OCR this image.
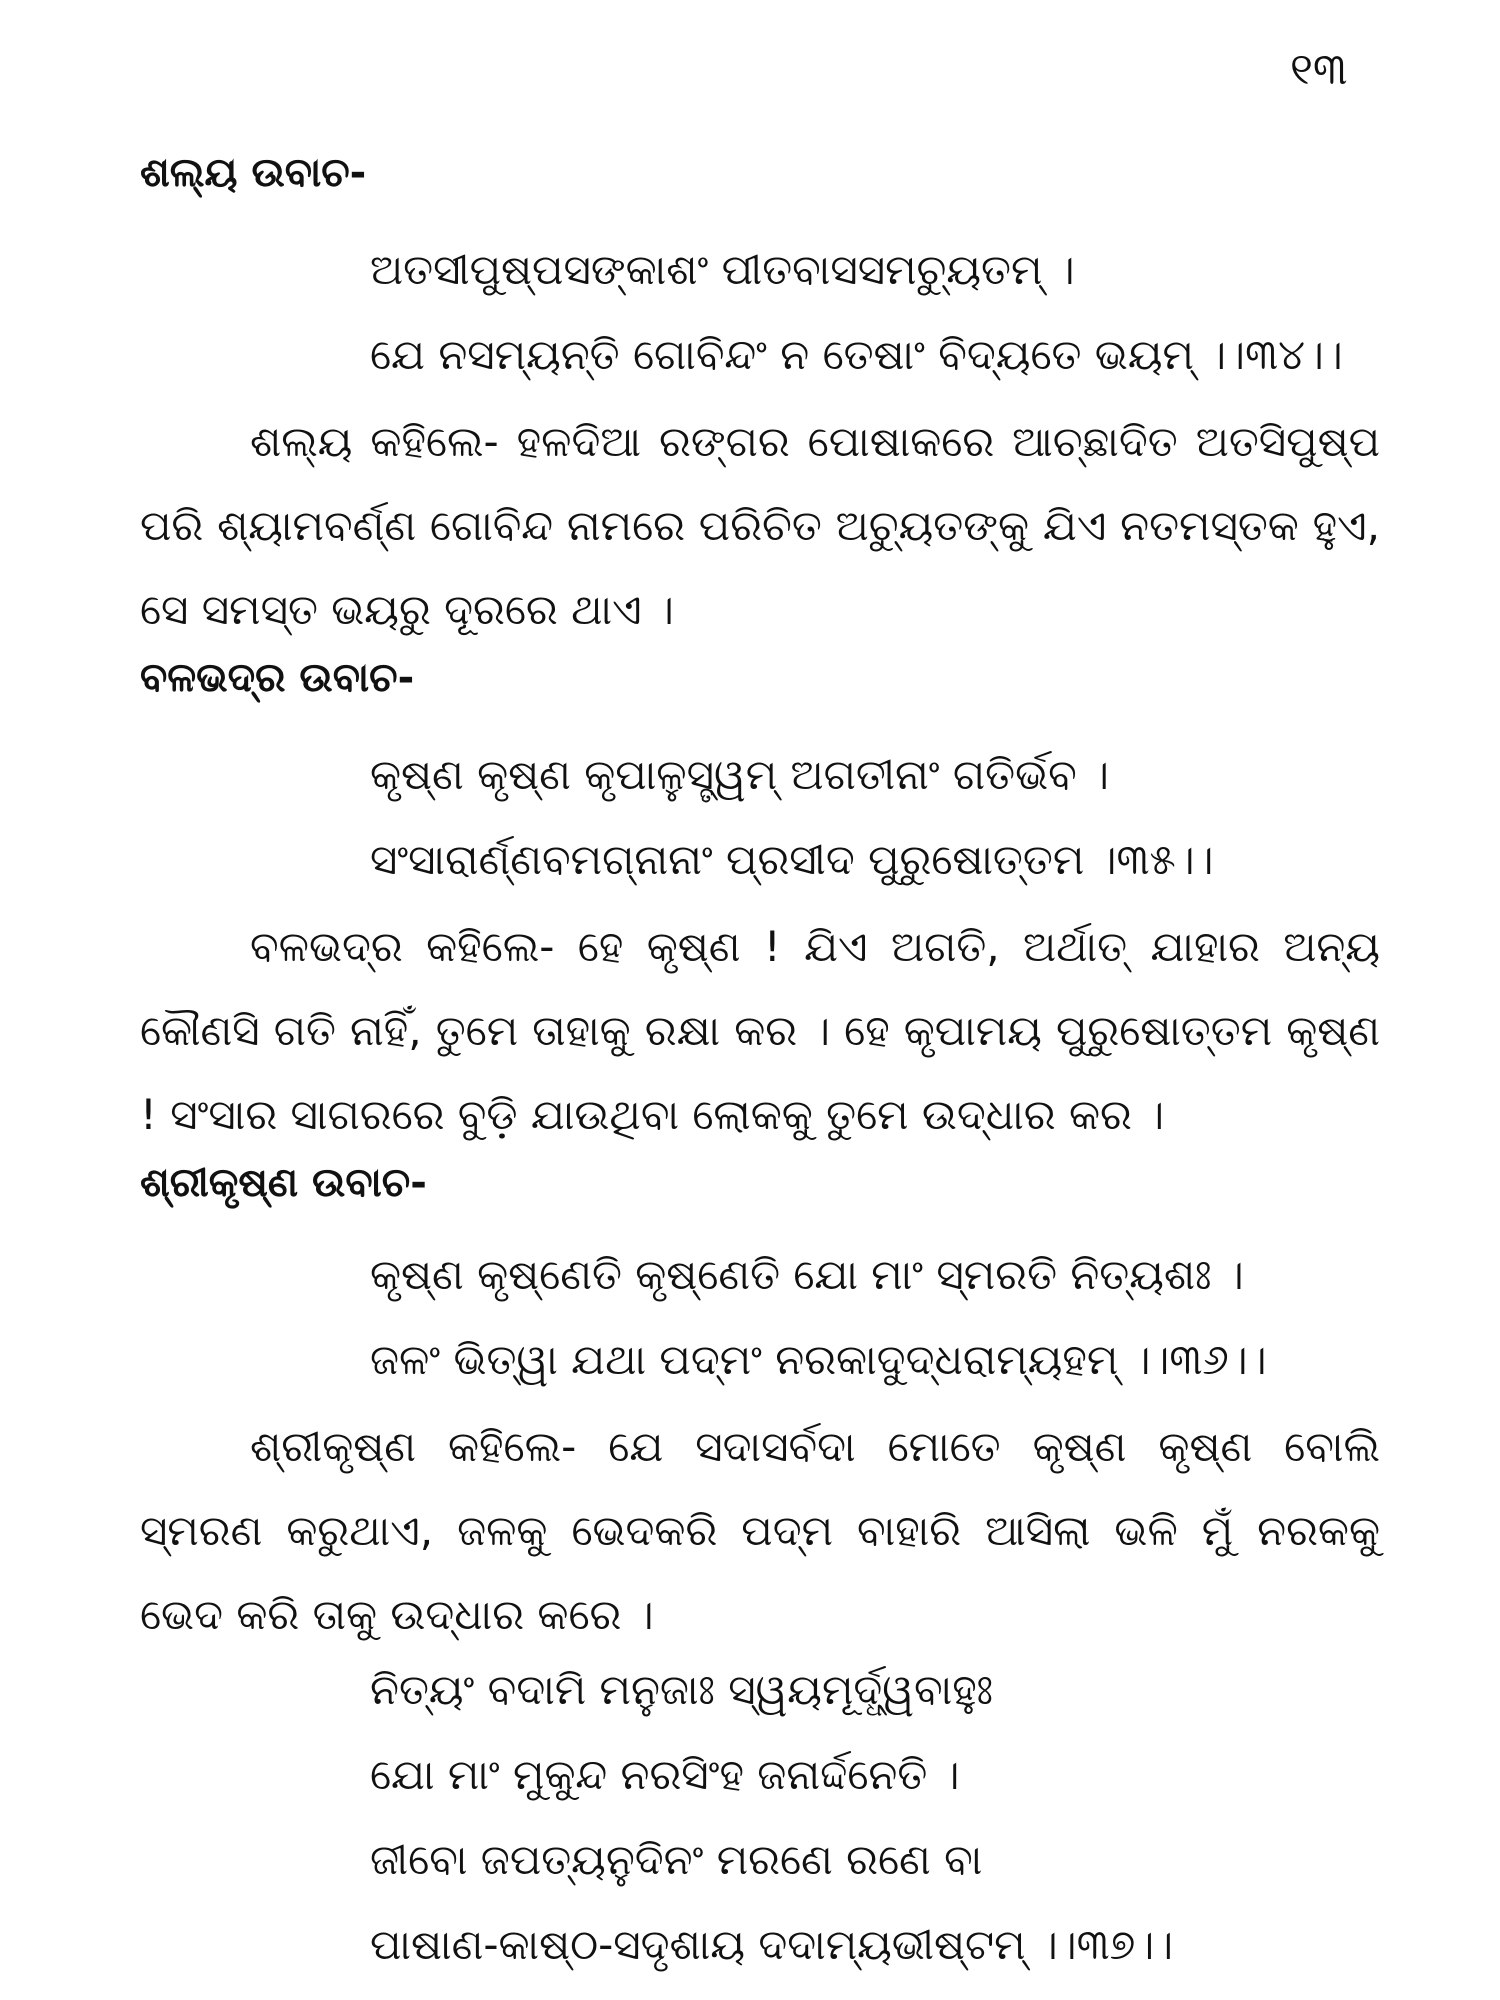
୧୩
ଶଲ୍ୟ ଉବାଚ-
ଅତସୀପୁଷ୍ପସଙ୍କାଶଂ ପୀତବାସସମଚ୍ୟୁତମ୍ ।
ଯେ ନସମ୍ୟନ୍ତି ଗୋବିନ୍ଦଂ ନ ତେଷାଂ ବିଦ୍ୟତେ ଭୟମ୍ ।।୩୪।।
ଶଲ୍ୟ କହିଲେ- ହଳଦିଆ ରଙ୍ଗର ପୋଷାକରେ ଆଚ୍ଛାଦିତ ଅତସିପୁଷ୍ପ ପରି ଶ୍ୟାମବର୍ଣ୍ଣ ଗୋବିନ୍ଦ ନାମରେ ପରିଚିତ ଅଚ୍ୟୁତଙ୍କୁ ଯିଏ ନତମସ୍ତକ ହୁଏ, ସେ ସମସ୍ତ ଭୟରୁ ଦୂରରେ ଥାଏ ।
ବଳଭଦ୍ର ଉବାଚ-
କୃଷ୍ଣ କୃଷ୍ଣ କୃପାଳୁସ୍ତ୍ୱମ୍ ଅଗତୀନାଂ ଗତିର୍ଭବ ।
ସଂସାରାର୍ଣ୍ଣବମଗ୍ନାନାଂ ପ୍ରସୀଦ ପୁରୁଷୋତ୍ତମ ।୩୫।।
ବଳଭଦ୍ର କହିଲେ- ହେ କୃଷ୍ଣ ! ଯିଏ ଅଗତି, ଅର୍ଥାତ୍ ଯାହାର ଅନ୍ୟ କୌଣସି ଗତି ନାହିଁ, ତୁମେ ତାହାକୁ ରକ୍ଷା କର । ହେ କୃପାମୟ ପୁରୁଷୋତ୍ତମ କୃଷ୍ଣ ! ସଂସାର ସାଗରରେ ବୁଡ଼ି ଯାଉଥିବା ଲୋକକୁ ତୁମେ ଉଦ୍ଧାର କର ।
ଶ୍ରୀକୃଷ୍ଣ ଉବାଚ-
କୃଷ୍ଣ କୃଷ୍ଣେତି କୃଷ୍ଣେତି ଯୋ ମାଂ ସ୍ମରତି ନିତ୍ୟଶଃ ।
ଜଳଂ ଭିତ୍ୱା ଯଥା ପଦ୍ମଂ ନରକାଦୁଦ୍ଧରାମ୍ୟହମ୍ ।।୩୬।।
ଶ୍ରୀକୃଷ୍ଣ କହିଲେ- ଯେ ସଦାସର୍ବଦା ମୋତେ କୃଷ୍ଣ କୃଷ୍ଣ ବୋଲି ସ୍ମରଣ କରୁଥାଏ, ଜଳକୁ ଭେଦକରି ପଦ୍ମ ବାହାରି ଆସିଲା ଭଳି ମୁଁ ନରକକୁ ଭେଦ କରି ତାକୁ ଉଦ୍ଧାର କରେ ।
ନିତ୍ୟଂ ବଦାମି ମନୁଜାଃ ସ୍ୱୟମୂର୍ଦ୍ଧ୍ୱବାହୁଃ
ଯୋ ମାଂ ମୁକୁନ୍ଦ ନରସିଂହ ଜନାର୍ଦ୍ଦନେତି ।
ଜୀବୋ ଜପତ୍ୟନୁଦିନଂ ମରଣେ ରଣେ ବା
ପାଷାଣ-କାଷ୍ଠ-ସଦୃଶାୟ ଦଦାମ୍ୟଭୀଷ୍ଟମ୍ ।।୩୭।।
